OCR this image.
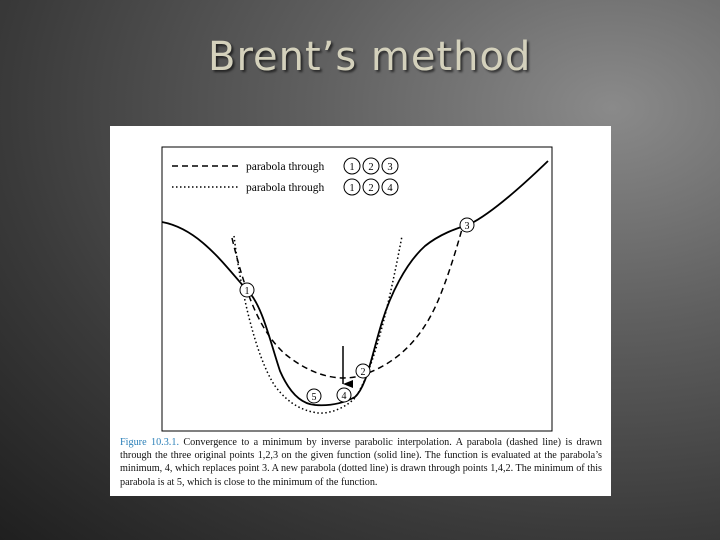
Brent’s method
1
2
3
4
5
parabola through 1 2 3
parabola through 1 2 4

Figure 10.3.1. Convergence to a minimum by inverse parabolic interpolation. A parabola (dashed line) is drawn through the three original points 1,2,3 on the given function (solid line). The function is evaluated at the parabola’s minimum, 4, which replaces point 3. A new parabola (dotted line) is drawn through points 1,4,2. The minimum of this parabola is at 5, which is close to the minimum of the function.
